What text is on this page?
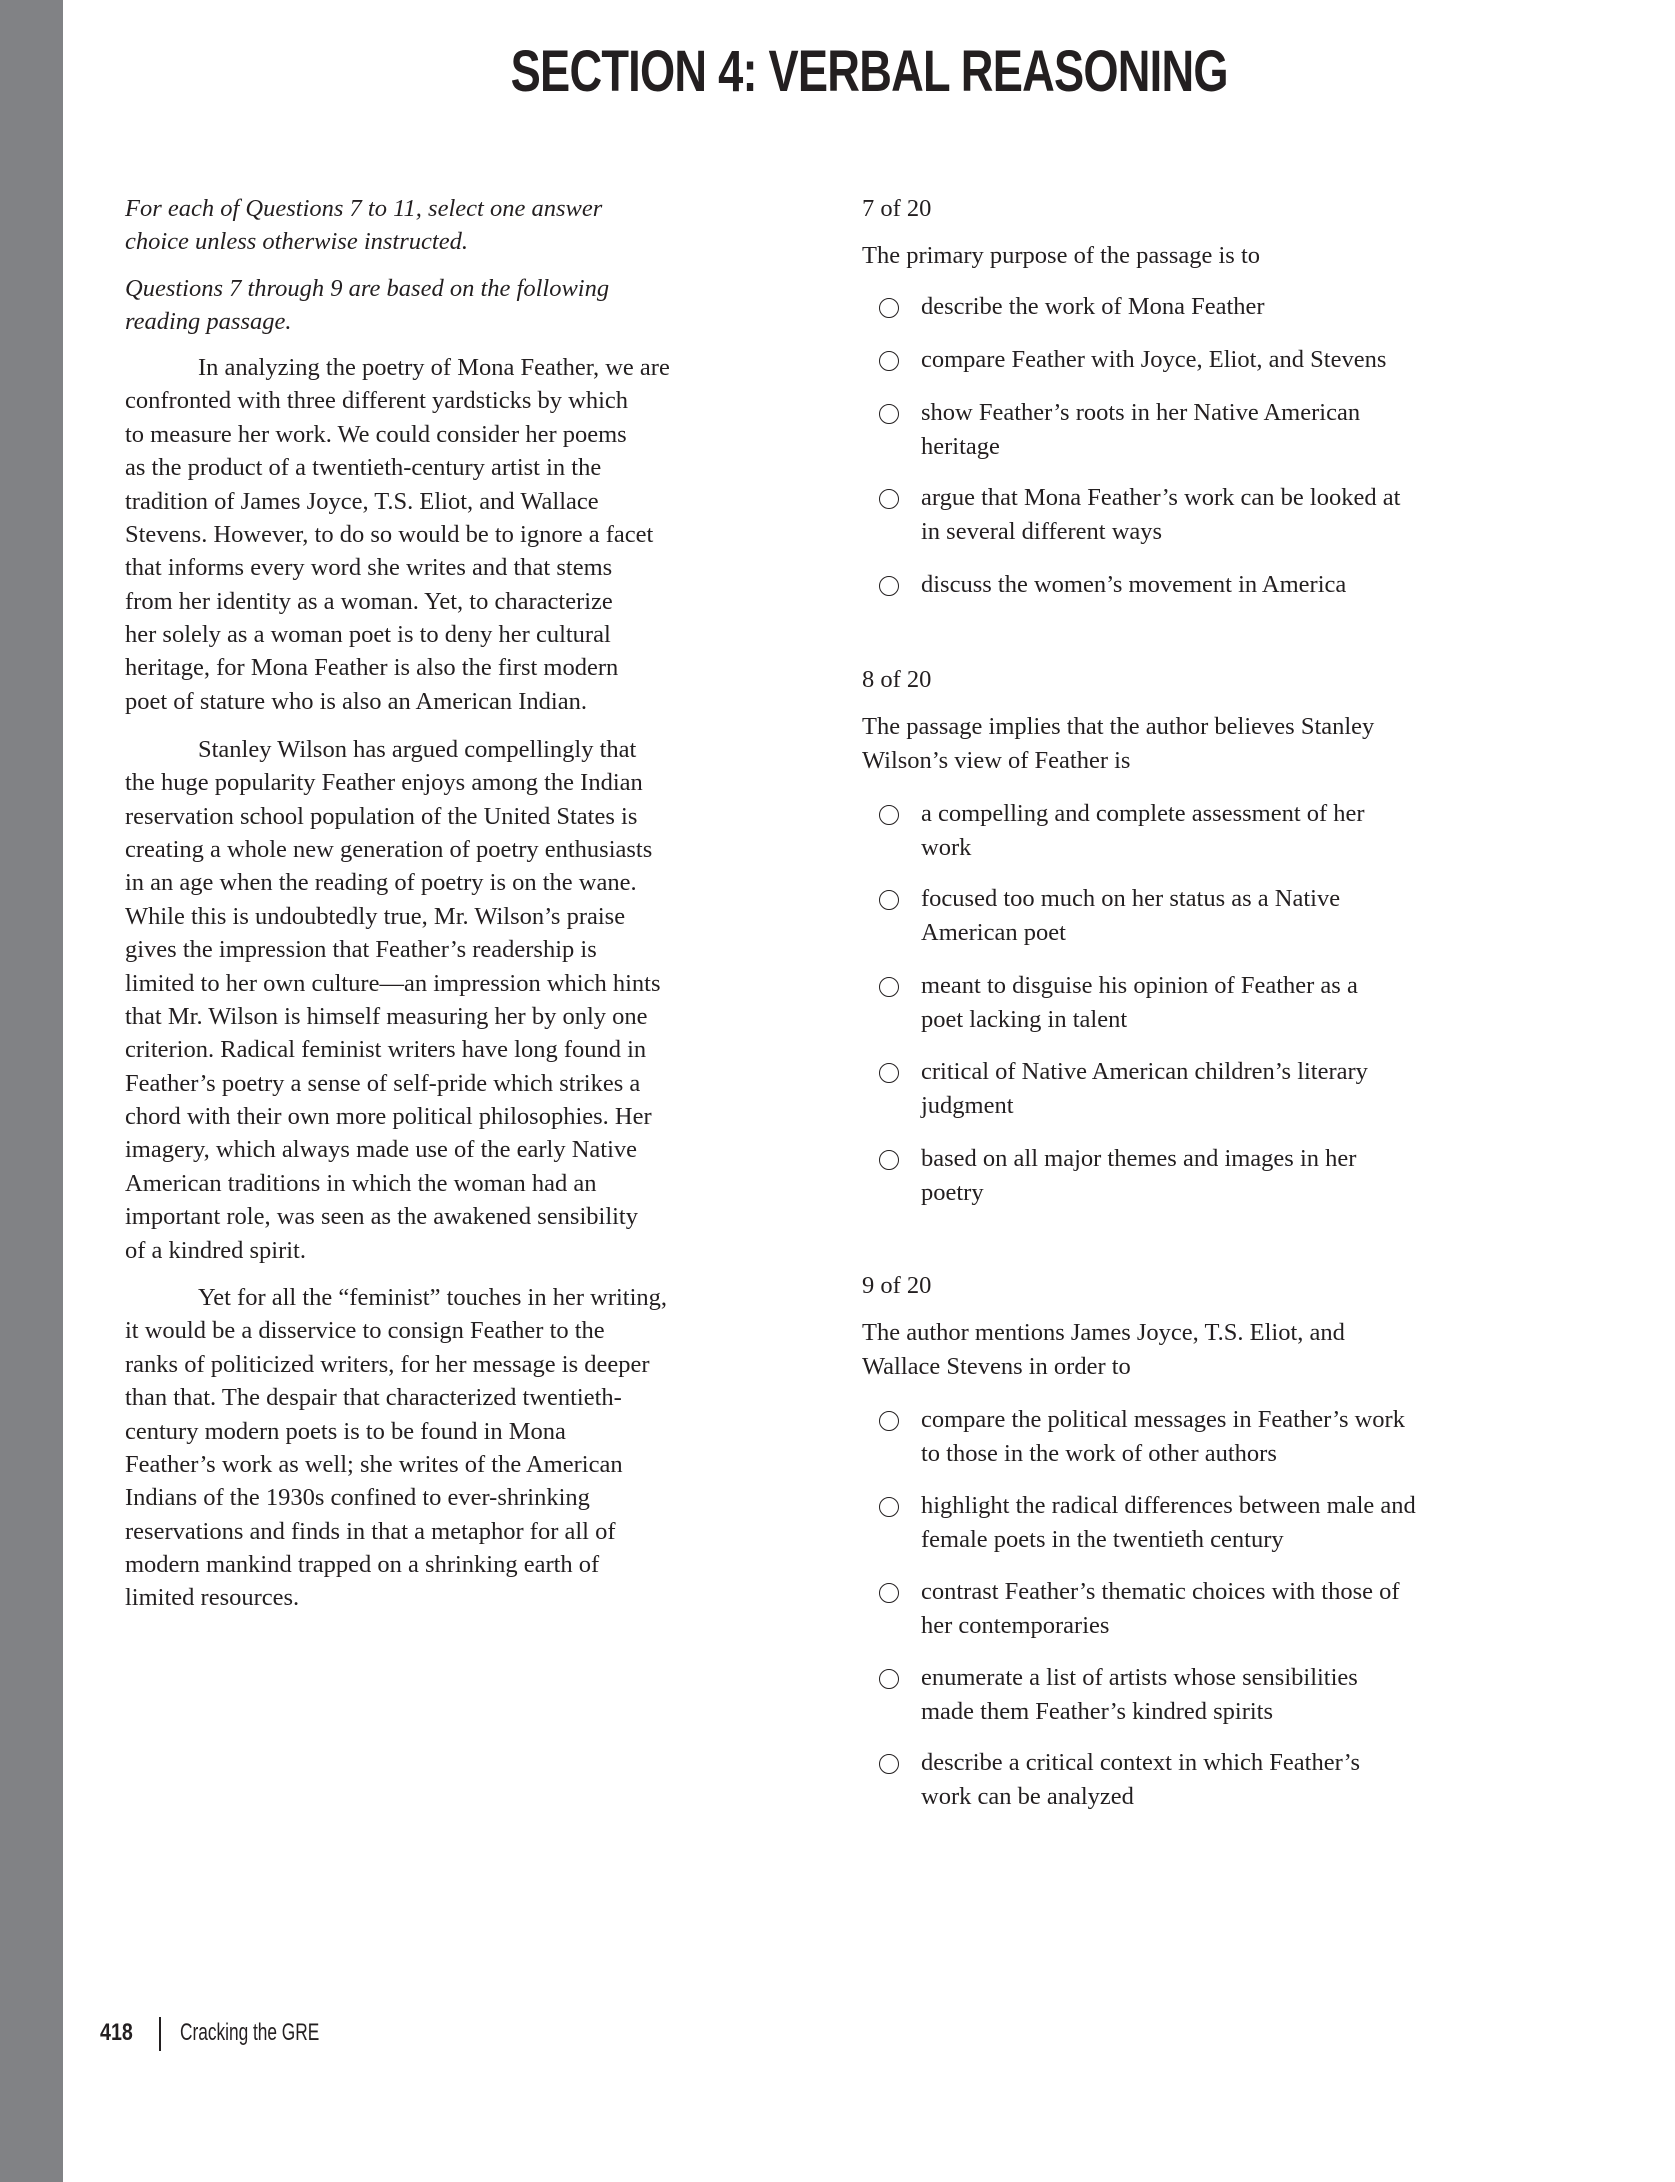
SECTION 4: VERBAL REASONING
For each of Questions 7 to 11, select one answer
choice unless otherwise instructed.
Questions 7 through 9 are based on the following
reading passage.
In analyzing the poetry of Mona Feather, we are
confronted with three different yardsticks by which
to measure her work. We could consider her poems
as the product of a twentieth-century artist in the
tradition of James Joyce, T.S. Eliot, and Wallace
Stevens. However, to do so would be to ignore a facet
that informs every word she writes and that stems
from her identity as a woman. Yet, to characterize
her solely as a woman poet is to deny her cultural
heritage, for Mona Feather is also the first modern
poet of stature who is also an American Indian.
Stanley Wilson has argued compellingly that
the huge popularity Feather enjoys among the Indian
reservation school population of the United States is
creating a whole new generation of poetry enthusiasts
in an age when the reading of poetry is on the wane.
While this is undoubtedly true, Mr. Wilson’s praise
gives the impression that Feather’s readership is
limited to her own culture—an impression which hints
that Mr. Wilson is himself measuring her by only one
criterion. Radical feminist writers have long found in
Feather’s poetry a sense of self-pride which strikes a
chord with their own more political philosophies. Her
imagery, which always made use of the early Native
American traditions in which the woman had an
important role, was seen as the awakened sensibility
of a kindred spirit.
Yet for all the “feminist” touches in her writing,
it would be a disservice to consign Feather to the
ranks of politicized writers, for her message is deeper
than that. The despair that characterized twentieth-
century modern poets is to be found in Mona
Feather’s work as well; she writes of the American
Indians of the 1930s confined to ever-shrinking
reservations and finds in that a metaphor for all of
modern mankind trapped on a shrinking earth of
limited resources.
7 of 20
The primary purpose of the passage is to
describe the work of Mona Feather
compare Feather with Joyce, Eliot, and Stevens
show Feather’s roots in her Native American
heritage
argue that Mona Feather’s work can be looked at
in several different ways
discuss the women’s movement in America
8 of 20
The passage implies that the author believes Stanley
Wilson’s view of Feather is
a compelling and complete assessment of her
work
focused too much on her status as a Native
American poet
meant to disguise his opinion of Feather as a
poet lacking in talent
critical of Native American children’s literary
judgment
based on all major themes and images in her
poetry
9 of 20
The author mentions James Joyce, T.S. Eliot, and
Wallace Stevens in order to
compare the political messages in Feather’s work
to those in the work of other authors
highlight the radical differences between male and
female poets in the twentieth century
contrast Feather’s thematic choices with those of
her contemporaries
enumerate a list of artists whose sensibilities
made them Feather’s kindred spirits
describe a critical context in which Feather’s
work can be analyzed
418 Cracking the GRE
